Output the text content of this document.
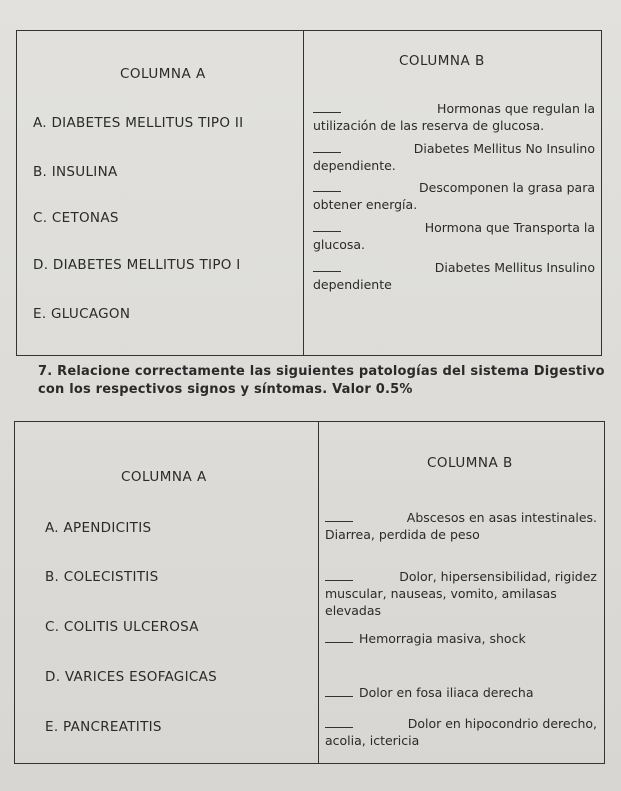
COLUMNA A
COLUMNA B
A. DIABETES MELLITUS TIPO II
B. INSULINA
C. CETONAS
D. DIABETES MELLITUS TIPO I
E. GLUCAGON
Hormonas que regulan la
utilización de las reserva de glucosa.
Diabetes Mellitus No Insulino
dependiente.
Descomponen la grasa para
obtener energía.
Hormona que Transporta la
glucosa.
Diabetes Mellitus Insulino
dependiente
7. Relacione correctamente las siguientes patologías del sistema Digestivo con los respectivos signos y síntomas. Valor 0.5%
COLUMNA A
COLUMNA B
A. APENDICITIS
B. COLECISTITIS
C. COLITIS ULCEROSA
D. VARICES ESOFAGICAS
E. PANCREATITIS
Abscesos en asas intestinales.
Diarrea, perdida de peso
Dolor, hipersensibilidad, rigidez
muscular, nauseas, vomito, amilasas
elevadas
Hemorragia masiva, shock
Dolor en fosa iliaca derecha
Dolor en hipocondrio derecho,
acolia, ictericia
